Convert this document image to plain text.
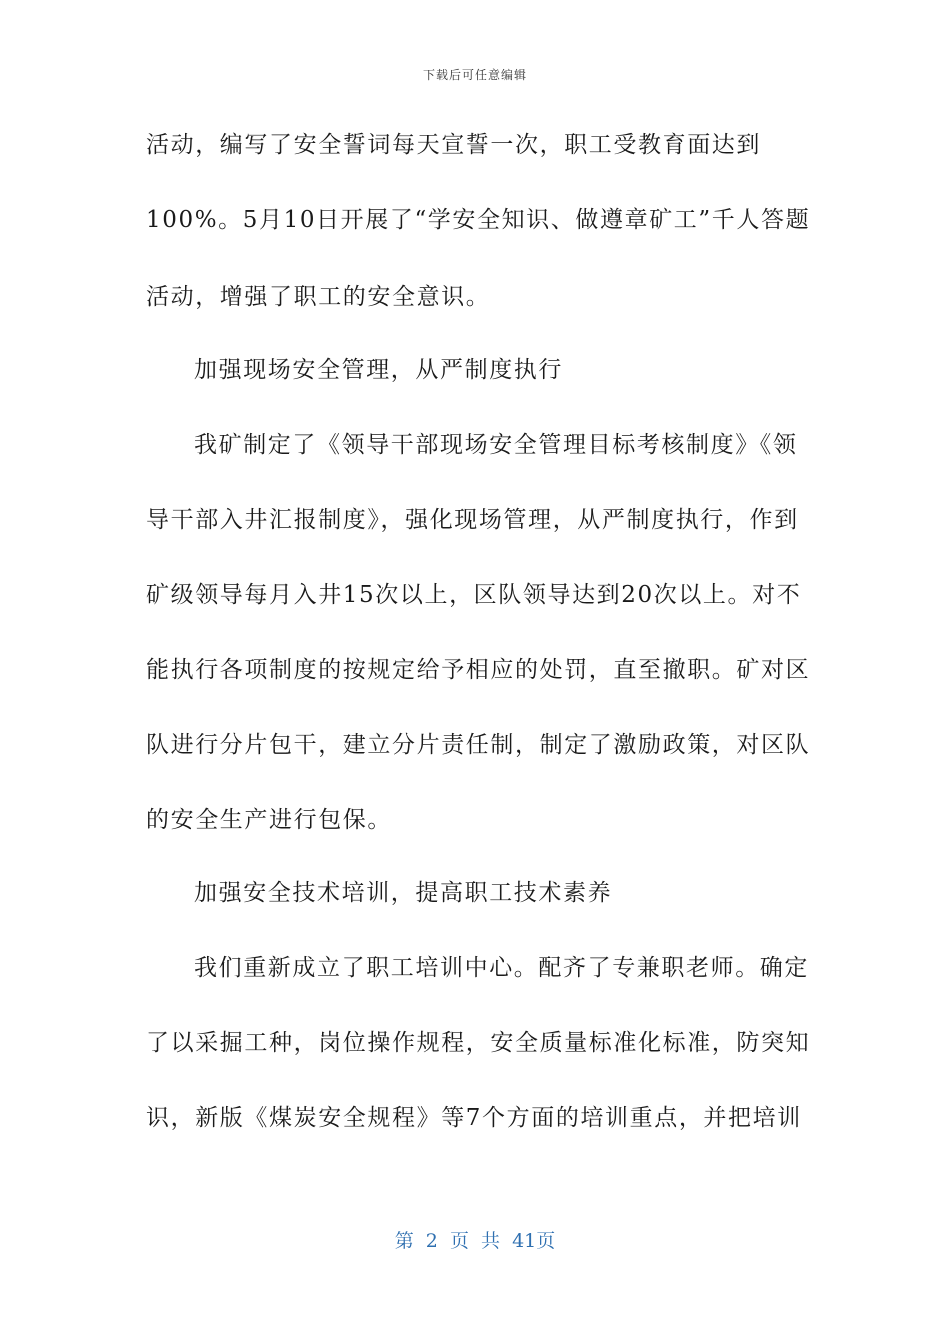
下载后可任意编辑
活动，编写了安全誓词每天宣誓一次，职工受教育面达到
100%。5月10日开展了“学安全知识、做遵章矿工”千人答题
活动，增强了职工的安全意识。
加强现场安全管理，从严制度执行
我矿制定了《领导干部现场安全管理目标考核制度》《领
导干部入井汇报制度》，强化现场管理，从严制度执行，作到
矿级领导每月入井15次以上，区队领导达到20次以上。对不
能执行各项制度的按规定给予相应的处罚，直至撤职。矿对区
队进行分片包干，建立分片责任制，制定了激励政策，对区队
的安全生产进行包保。
加强安全技术培训，提高职工技术素养
我们重新成立了职工培训中心。配齐了专兼职老师。确定
了以采掘工种，岗位操作规程，安全质量标准化标准，防突知
识，新版《煤炭安全规程》等7个方面的培训重点，并把培训
第 2 页 共 41页
